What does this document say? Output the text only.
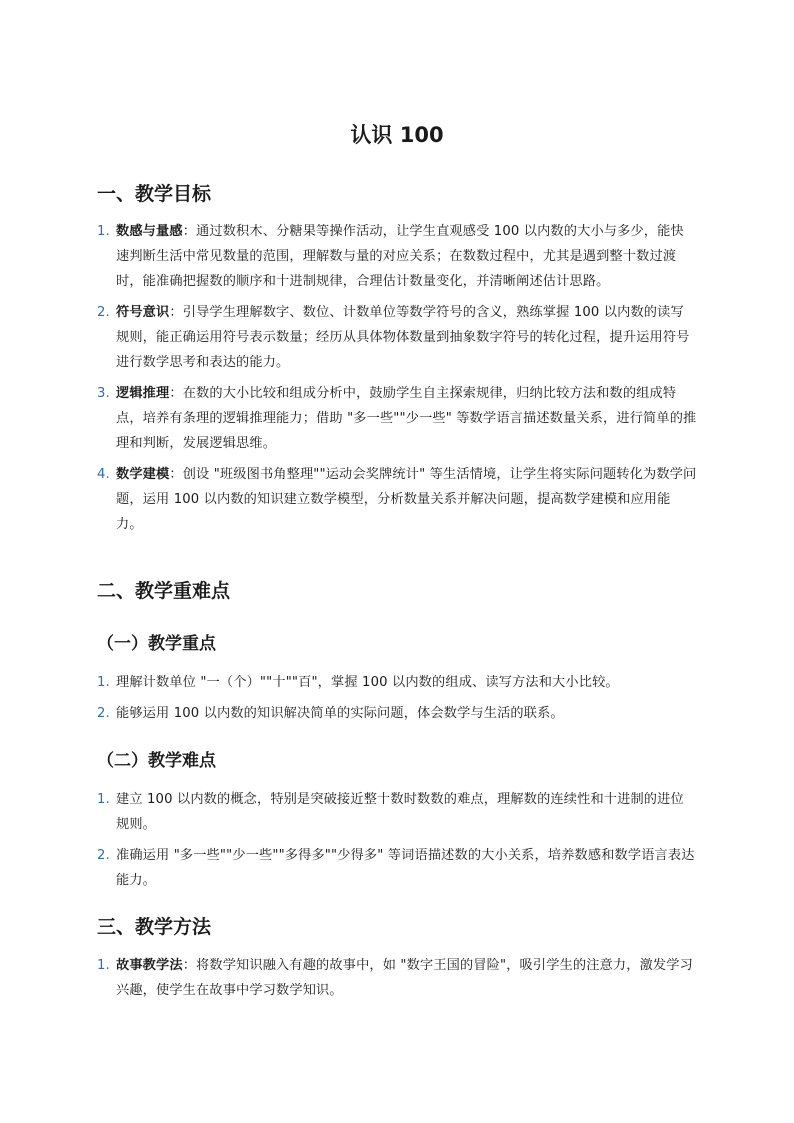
认识 100
一、教学目标
1. 数感与量感：通过数积木、分糖果等操作活动，让学生直观感受 100 以内数的大小与多少，能快速判断生活中常见数量的范围，理解数与量的对应关系；在数数过程中，尤其是遇到整十数过渡时，能准确把握数的顺序和十进制规律，合理估计数量变化，并清晰阐述估计思路。
2. 符号意识：引导学生理解数字、数位、计数单位等数学符号的含义，熟练掌握 100 以内数的读写规则，能正确运用符号表示数量；经历从具体物体数量到抽象数字符号的转化过程，提升运用符号进行数学思考和表达的能力。
3. 逻辑推理：在数的大小比较和组成分析中，鼓励学生自主探索规律，归纳比较方法和数的组成特点，培养有条理的逻辑推理能力；借助 "多一些""少一些" 等数学语言描述数量关系，进行简单的推理和判断，发展逻辑思维。
4. 数学建模：创设 "班级图书角整理""运动会奖牌统计" 等生活情境，让学生将实际问题转化为数学问题，运用 100 以内数的知识建立数学模型，分析数量关系并解决问题，提高数学建模和应用能力。
二、教学重难点
（一）教学重点
1. 理解计数单位 "一（个）""十""百"，掌握 100 以内数的组成、读写方法和大小比较。
2. 能够运用 100 以内数的知识解决简单的实际问题，体会数学与生活的联系。
（二）教学难点
1. 建立 100 以内数的概念，特别是突破接近整十数时数数的难点，理解数的连续性和十进制的进位规则。
2. 准确运用 "多一些""少一些""多得多""少得多" 等词语描述数的大小关系，培养数感和数学语言表达能力。
三、教学方法
1. 故事教学法：将数学知识融入有趣的故事中，如 "数字王国的冒险"，吸引学生的注意力，激发学习兴趣，使学生在故事中学习数学知识。
